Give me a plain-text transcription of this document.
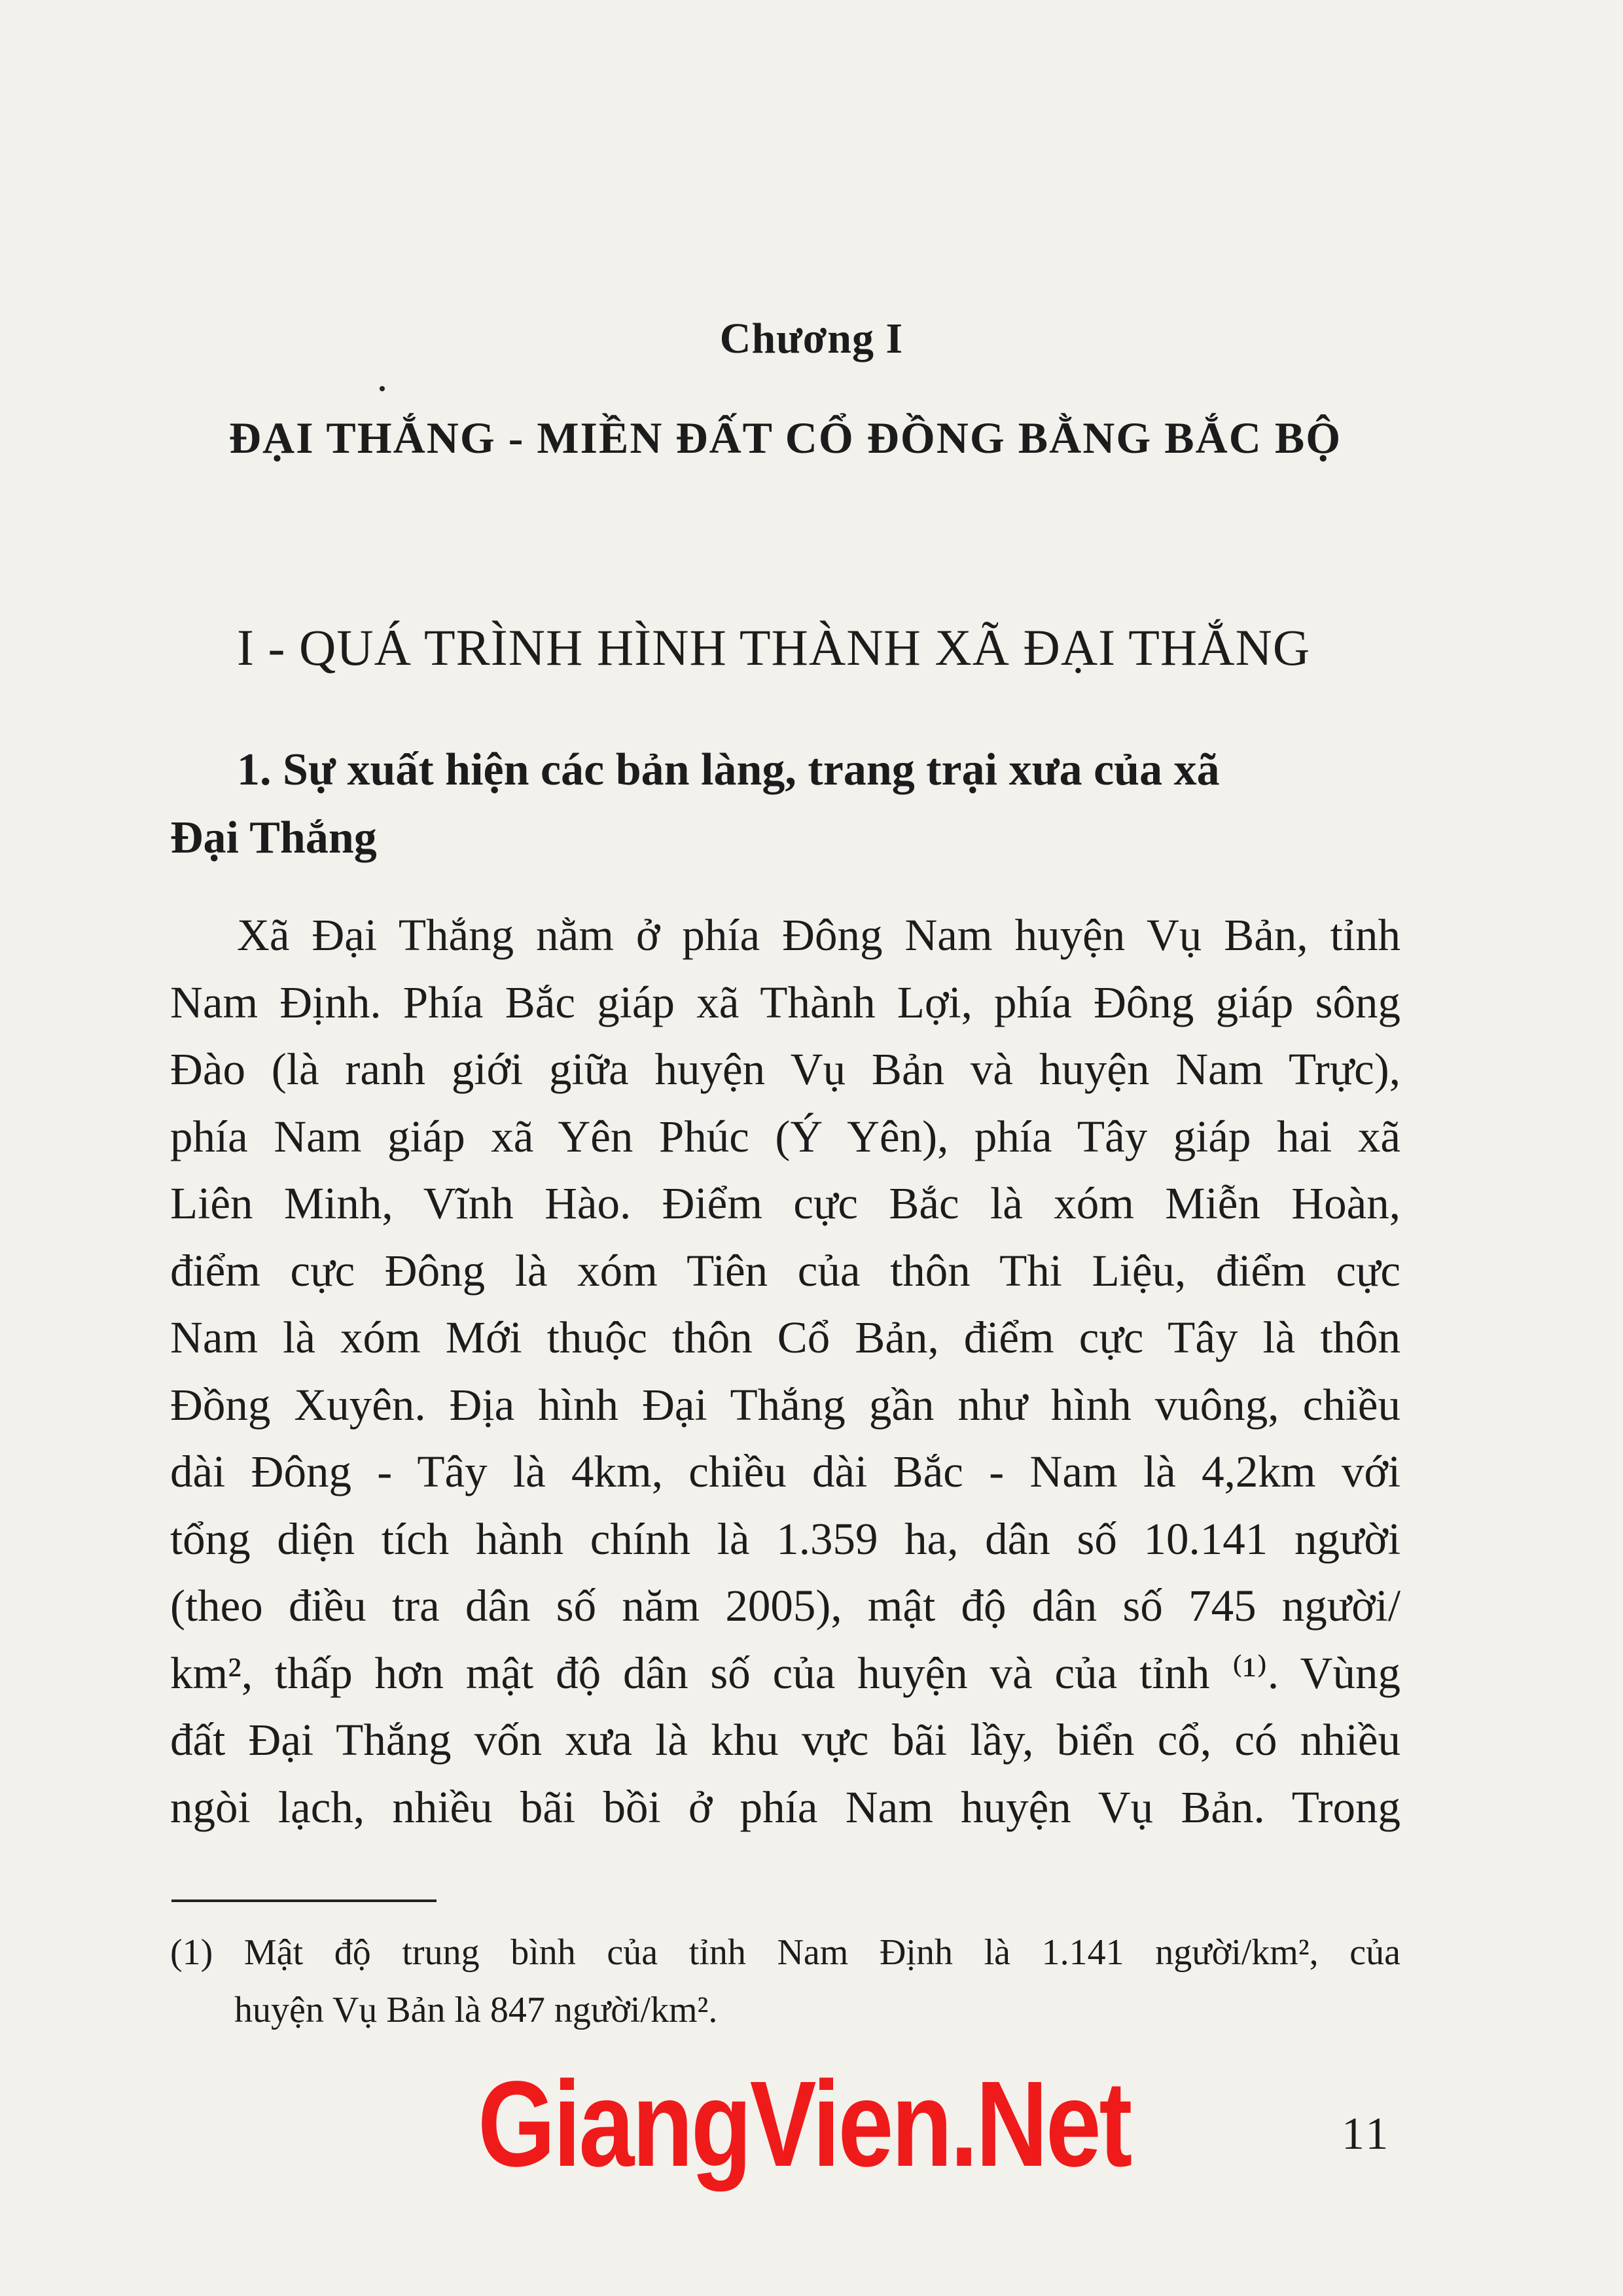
Chương I
ĐẠI THẮNG - MIỀN ĐẤT CỔ ĐỒNG BẰNG BẮC BỘ
I - QUÁ TRÌNH HÌNH THÀNH XÃ ĐẠI THẮNG
1. Sự xuất hiện các bản làng, trang trại xưa của xã
Đại Thắng
Xã Đại Thắng nằm ở phía Đông Nam huyện Vụ Bản, tỉnh
Nam Định. Phía Bắc giáp xã Thành Lợi, phía Đông giáp sông
Đào (là ranh giới giữa huyện Vụ Bản và huyện Nam Trực),
phía Nam giáp xã Yên Phúc (Ý Yên), phía Tây giáp hai xã
Liên Minh, Vĩnh Hào. Điểm cực Bắc là xóm Miễn Hoàn,
điểm cực Đông là xóm Tiên của thôn Thi Liệu, điểm cực
Nam là xóm Mới thuộc thôn Cổ Bản, điểm cực Tây là thôn
Đồng Xuyên. Địa hình Đại Thắng gần như hình vuông, chiều
dài Đông - Tây là 4km, chiều dài Bắc - Nam là 4,2km với
tổng diện tích hành chính là 1.359 ha, dân số 10.141 người
(theo điều tra dân số năm 2005), mật độ dân số 745 người/
km², thấp hơn mật độ dân số của huyện và của tỉnh ⁽¹⁾. Vùng
đất Đại Thắng vốn xưa là khu vực bãi lầy, biển cổ, có nhiều
ngòi lạch, nhiều bãi bồi ở phía Nam huyện Vụ Bản. Trong
(1) Mật độ trung bình của tỉnh Nam Định là 1.141 người/km², của
huyện Vụ Bản là 847 người/km².
GiangVien.Net	11
